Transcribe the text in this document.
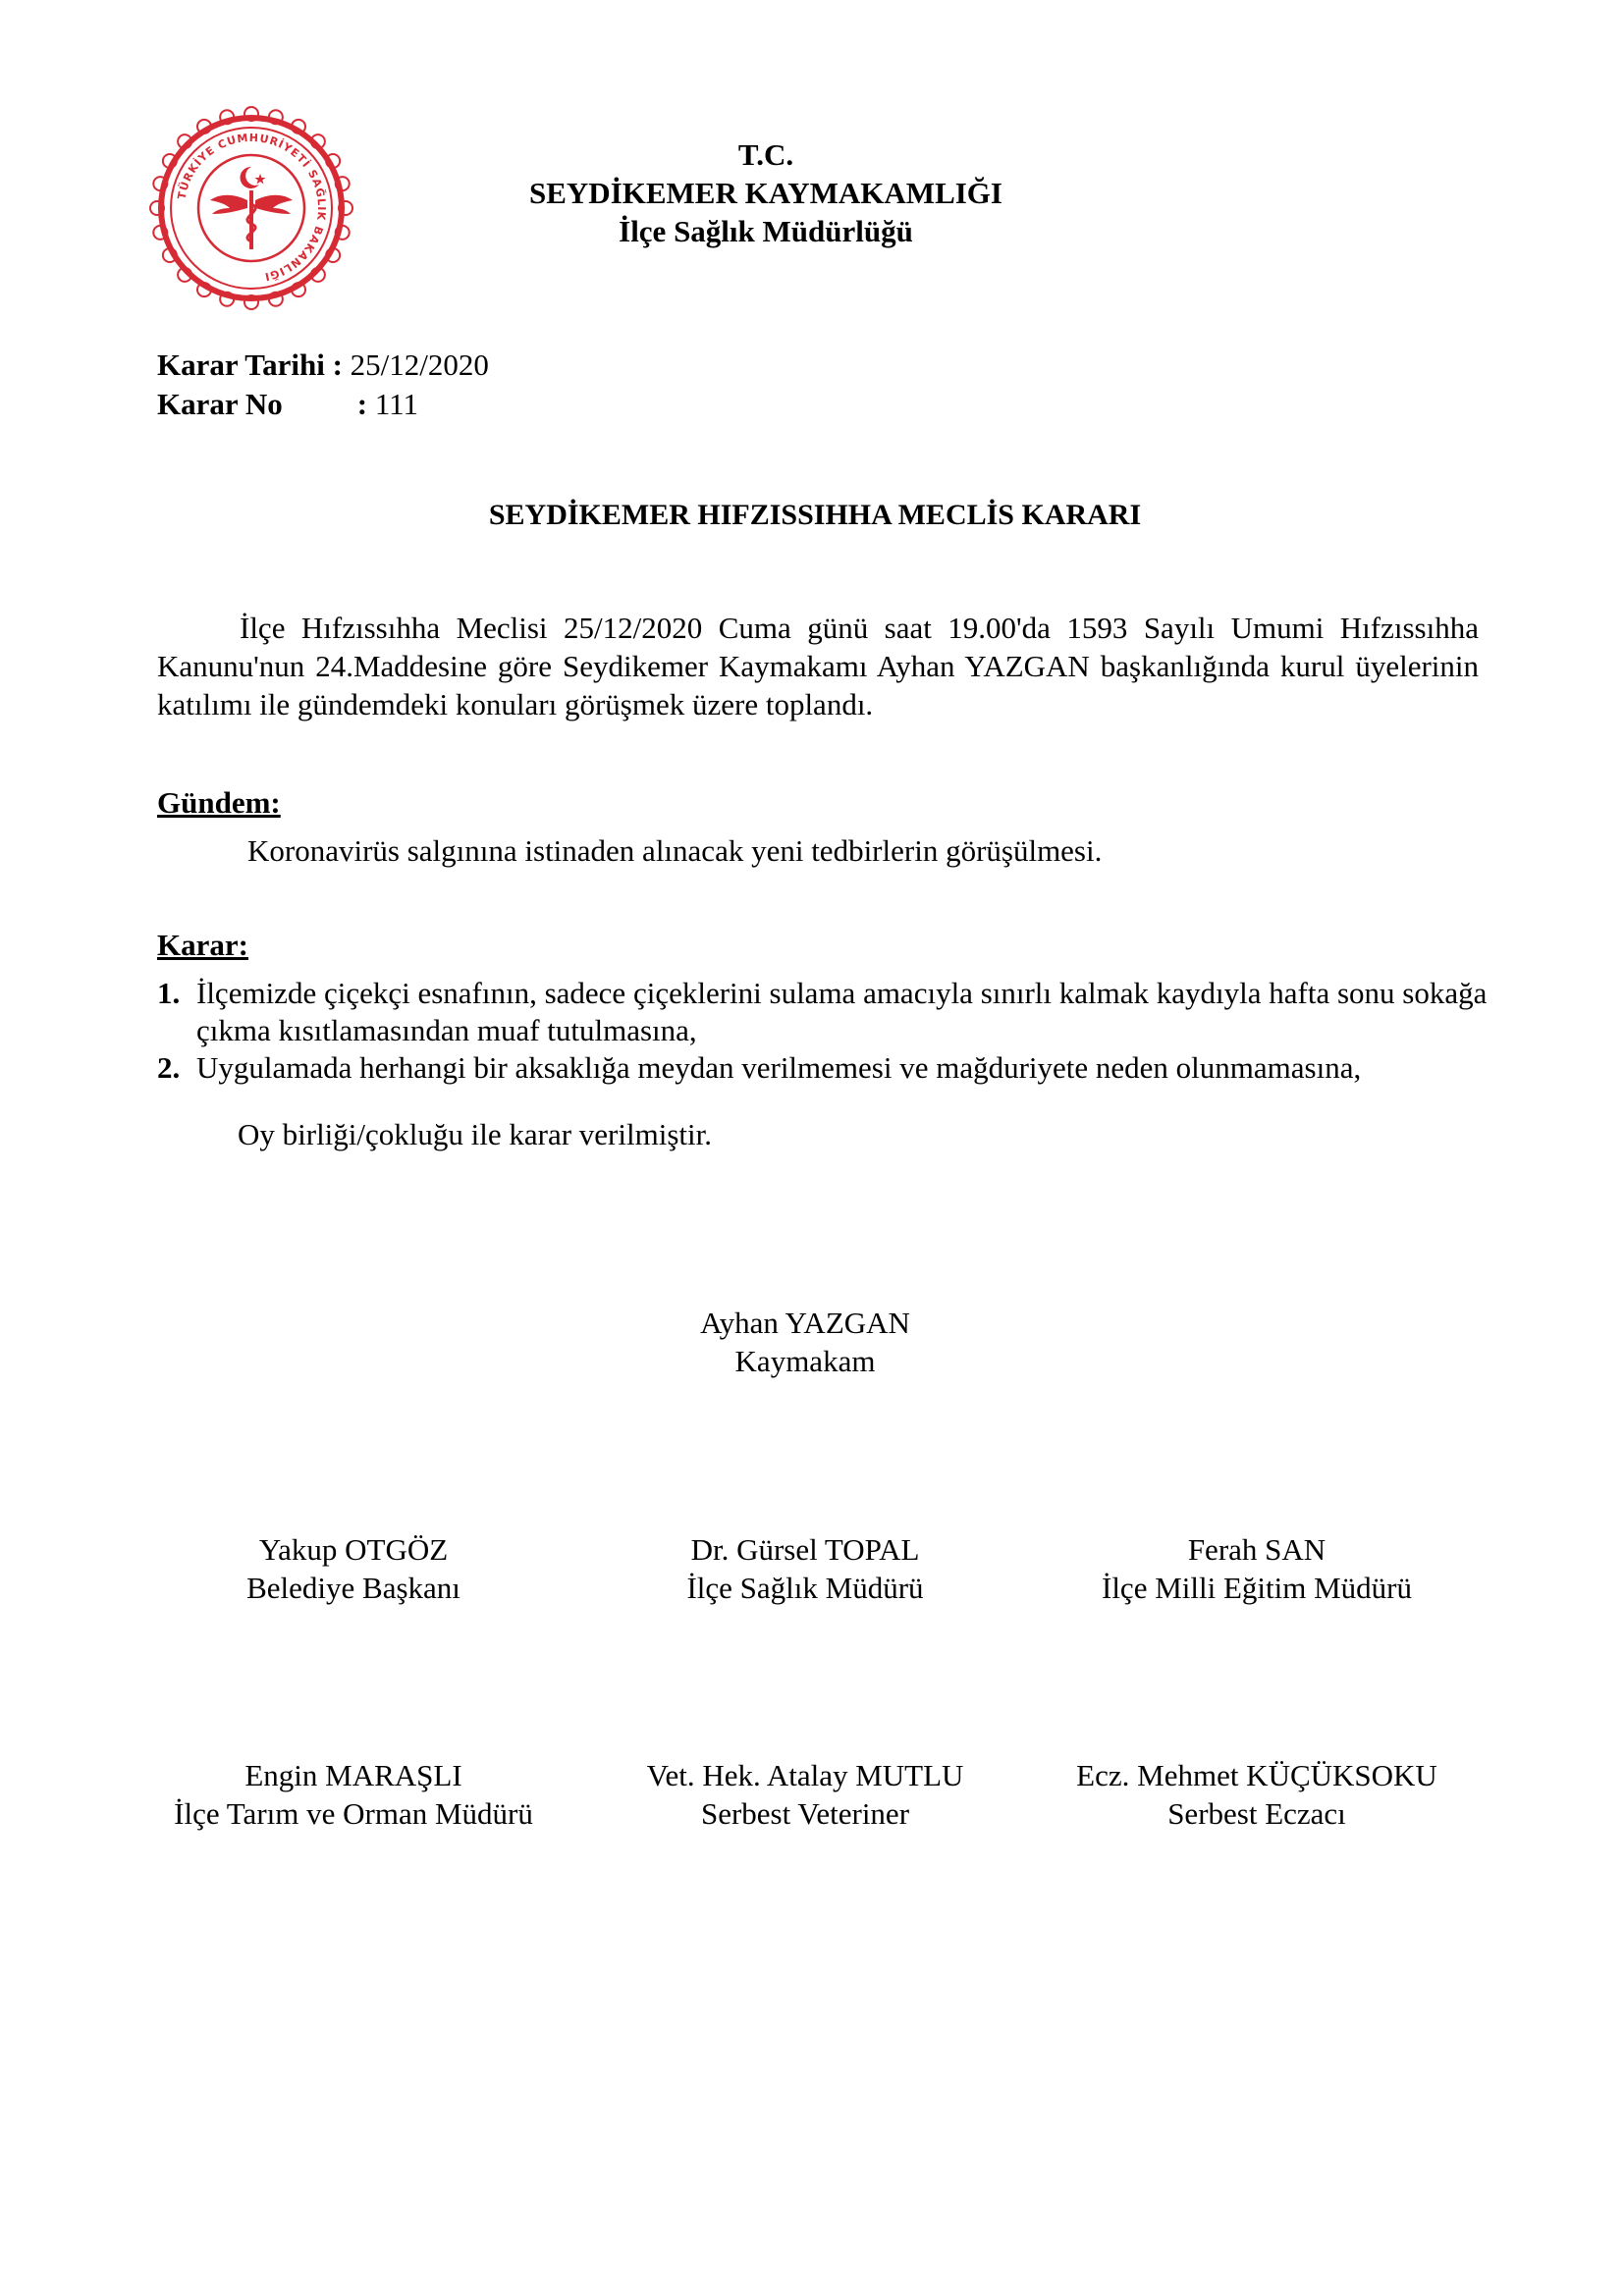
TÜRKİYE CUMHURİYETİ SAĞLIK BAKANLIĞI
T.C.
SEYDİKEMER KAYMAKAMLIĞI
İlçe Sağlık Müdürlüğü
Karar Tarihi : 25/12/2020
Karar No : 111
SEYDİKEMER HIFZISSIHHA MECLİS KARARI

İlçe Hıfzıssıhha Meclisi 25/12/2020 Cuma günü saat 19.00'da 1593 Sayılı Umumi Hıfzıssıhha Kanunu'nun 24.Maddesine göre Seydikemer Kaymakamı Ayhan YAZGAN başkanlığında kurul üyelerinin katılımı ile gündemdeki konuları görüşmek üzere toplandı.

Gündem:
Koronavirüs salgınına istinaden alınacak yeni tedbirlerin görüşülmesi.
Karar:
1. İlçemizde çiçekçi esnafının, sadece çiçeklerini sulama amacıyla sınırlı kalmak kaydıyla hafta sonu sokağa çıkma kısıtlamasından muaf tutulmasına,
2. Uygulamada herhangi bir aksaklığa meydan verilmemesi ve mağduriyete neden olunmamasına,
Oy birliği/çokluğu ile karar verilmiştir.
Ayhan YAZGAN
Kaymakam
Yakup OTGÖZ
Belediye Başkanı
Dr. Gürsel TOPAL
İlçe Sağlık Müdürü
Ferah SAN
İlçe Milli Eğitim Müdürü
Engin MARAŞLI
İlçe Tarım ve Orman Müdürü
Vet. Hek. Atalay MUTLU
Serbest Veteriner
Ecz. Mehmet KÜÇÜKSOKU
Serbest Eczacı
